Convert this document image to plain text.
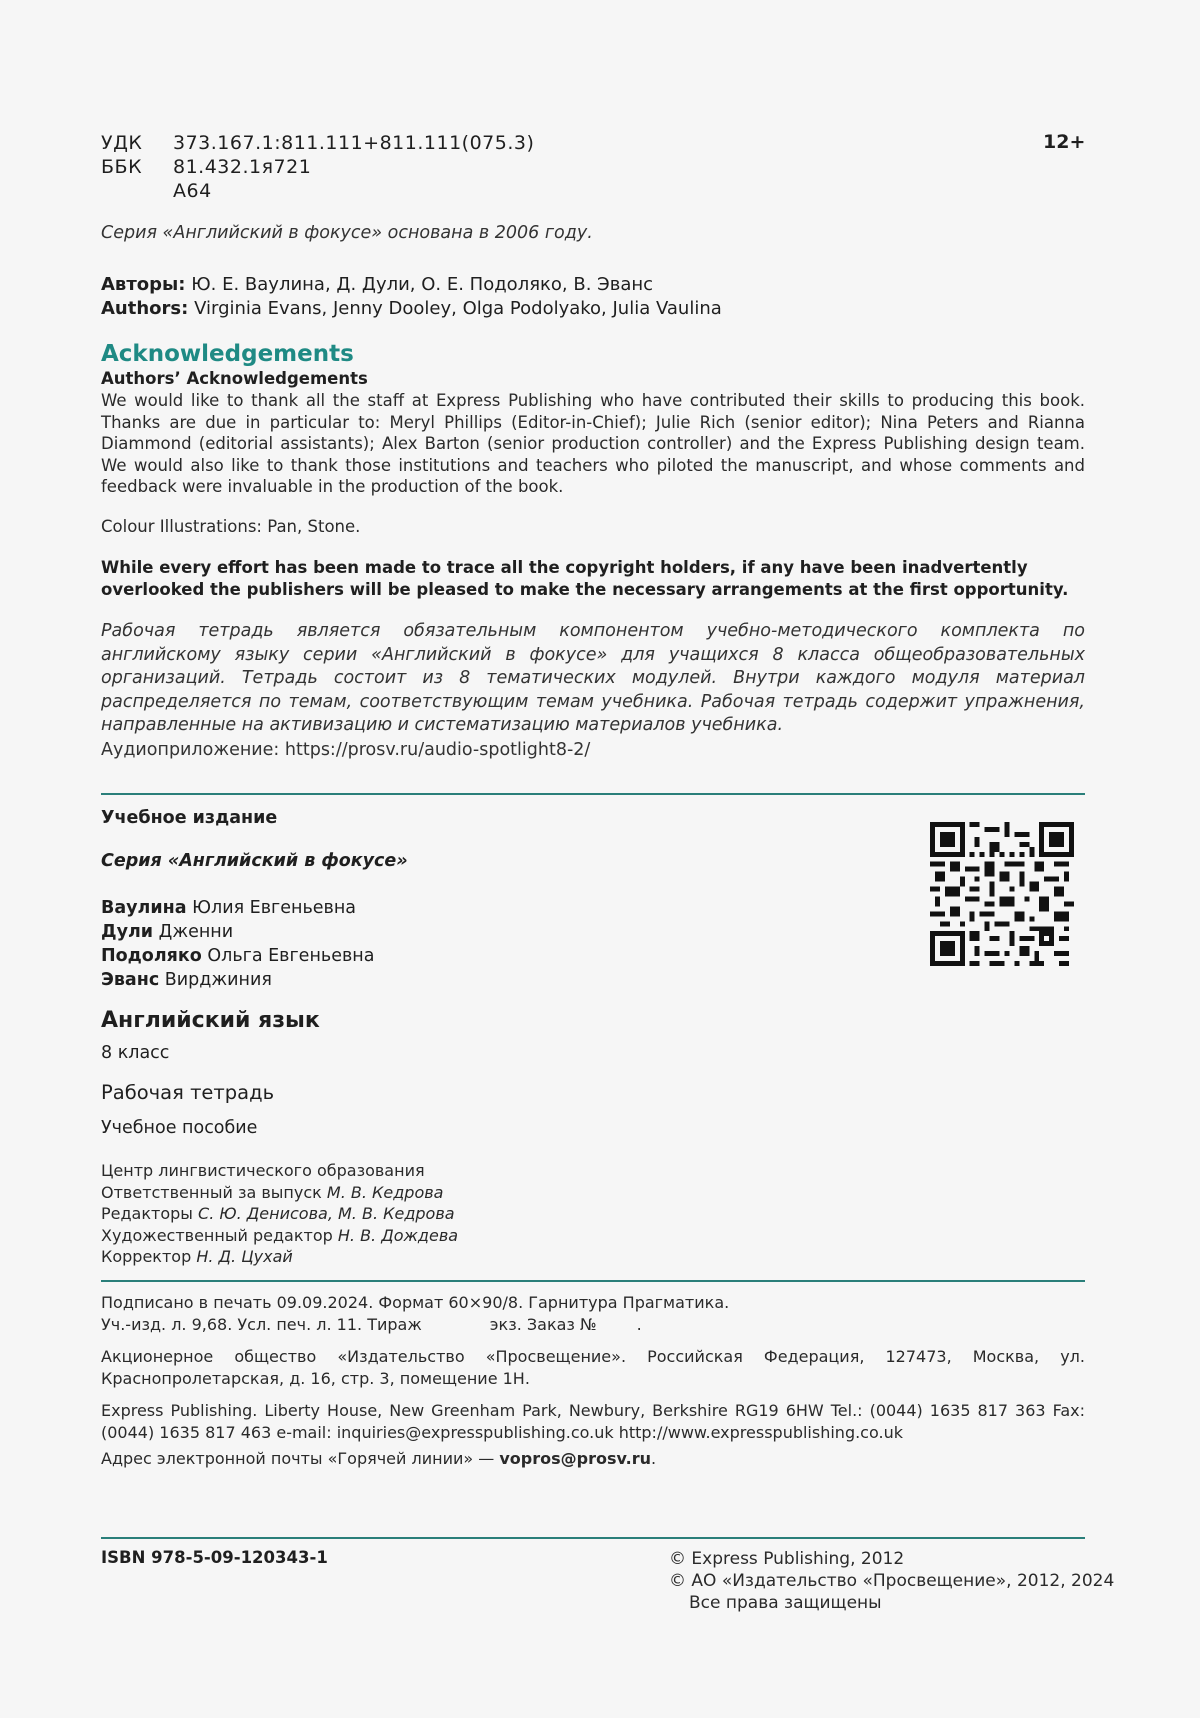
УДК 373.167.1:811.111+811.111(075.3)
ББК 81.432.1я721
А64
12+
Серия «Английский в фокусе» основана в 2006 году.
Авторы: Ю. Е. Ваулина, Д. Дули, О. Е. Подоляко, В. Эванс
Authors: Virginia Evans, Jenny Dooley, Olga Podolyako, Julia Vaulina
Acknowledgements
Authors’ Acknowledgements
We would like to thank all the staff at Express Publishing who have contributed their skills to producing this book. Thanks are due in particular to: Meryl Phillips (Editor-in-Chief); Julie Rich (senior editor); Nina Peters and Rianna Diammond (editorial assistants); Alex Barton (senior production controller) and the Express Publishing design team. We would also like to thank those institutions and teachers who piloted the manuscript, and whose comments and feedback were invaluable in the production of the book.
Colour Illustrations: Pan, Stone.
While every effort has been made to trace all the copyright holders, if any have been inadvertently overlooked the publishers will be pleased to make the necessary arrangements at the first opportunity.
Рабочая тетрадь является обязательным компонентом учебно-методического комплекта по английскому языку серии «Английский в фокусе» для учащихся 8 класса общеобразовательных организаций. Тетрадь состоит из 8 тематических модулей. Внутри каждого модуля материал распределяется по темам, соответствующим темам учебника. Рабочая тетрадь содержит упражнения, направленные на активизацию и систематизацию материалов учебника.
Аудиоприложение: https://prosv.ru/audio-spotlight8-2/
Учебное издание
Серия «Английский в фокусе»
Ваулина Юлия Евгеньевна
Дули Дженни
Подоляко Ольга Евгеньевна
Эванс Вирджиния
Английский язык
8 класс
Рабочая тетрадь
Учебное пособие
Центр лингвистического образования
Ответственный за выпуск М. В. Кедрова
Редакторы С. Ю. Денисова, М. В. Кедрова
Художественный редактор Н. В. Дождева
Корректор Н. Д. Цухай
Подписано в печать 09.09.2024. Формат 60×90/8. Гарнитура Прагматика.
Уч.-изд. л. 9,68. Усл. печ. л. 11. Тираж	экз. Заказ №	.
Акционерное общество «Издательство «Просвещение». Российская Федерация, 127473, Москва, ул. Краснопролетарская, д. 16, стр. 3, помещение 1Н.
Express Publishing. Liberty House, New Greenham Park, Newbury, Berkshire RG19 6HW Tel.: (0044) 1635 817 363 Fax: (0044) 1635 817 463 e-mail: inquiries@expresspublishing.co.uk http://www.expresspublishing.co.uk
Адрес электронной почты «Горячей линии» — vopros@prosv.ru.
ISBN 978-5-09-120343-1	© Express Publishing, 2012
© АО «Издательство «Просвещение», 2012, 2024
Все права защищены
